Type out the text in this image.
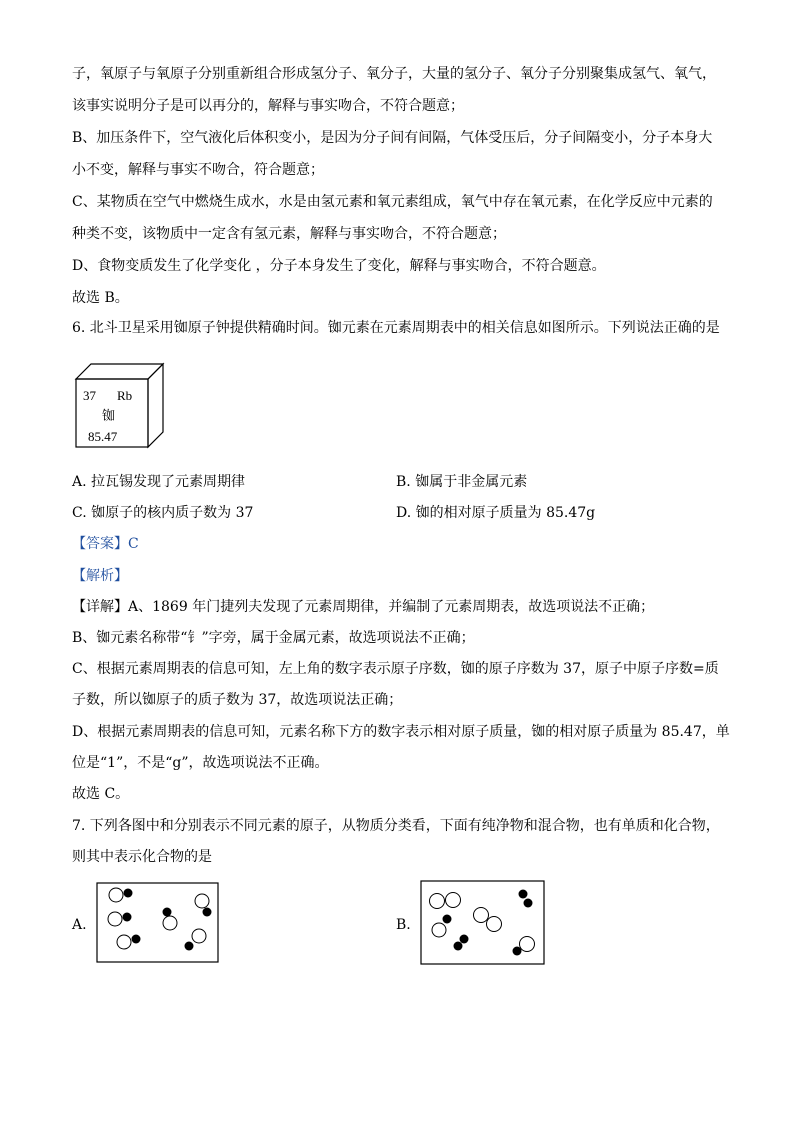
子，氧原子与氧原子分别重新组合形成氢分子、氧分子，大量的氢分子、氧分子分别聚集成氢气、氧气，
该事实说明分子是可以再分的，解释与事实吻合，不符合题意；
B、加压条件下，空气液化后体积变小，是因为分子间有间隔，气体受压后，分子间隔变小，分子本身大
小不变，解释与事实不吻合，符合题意；
C、某物质在空气中燃烧生成水，水是由氢元素和氧元素组成，氧气中存在氧元素，在化学反应中元素的
种类不变，该物质中一定含有氢元素，解释与事实吻合，不符合题意；
D、食物变质发生了化学变化 ，分子本身发生了变化，解释与事实吻合，不符合题意。
故选 B。
6. 北斗卫星采用铷原子钟提供精确时间。铷元素在元素周期表中的相关信息如图所示。下列说法正确的是
37 Rb
铷
85.47
A. 拉瓦锡发现了元素周期律	B. 铷属于非金属元素
C. 铷原子的核内质子数为 37	D. 铷的相对原子质量为 85.47g
【答案】C
【解析】
【详解】A、1869 年门捷列夫发现了元素周期律，并编制了元素周期表，故选项说法不正确；
B、铷元素名称带“钅”字旁，属于金属元素，故选项说法不正确；
C、根据元素周期表的信息可知，左上角的数字表示原子序数，铷的原子序数为 37，原子中原子序数=质
子数，所以铷原子的质子数为 37，故选项说法正确；
D、根据元素周期表的信息可知，元素名称下方的数字表示相对原子质量，铷的相对原子质量为 85.47，单
位是“1”，不是“g”，故选项说法不正确。
故选 C。
7. 下列各图中和分别表示不同元素的原子，从物质分类看，下面有纯净物和混合物，也有单质和化合物，
则其中表示化合物的是
A.	B.
